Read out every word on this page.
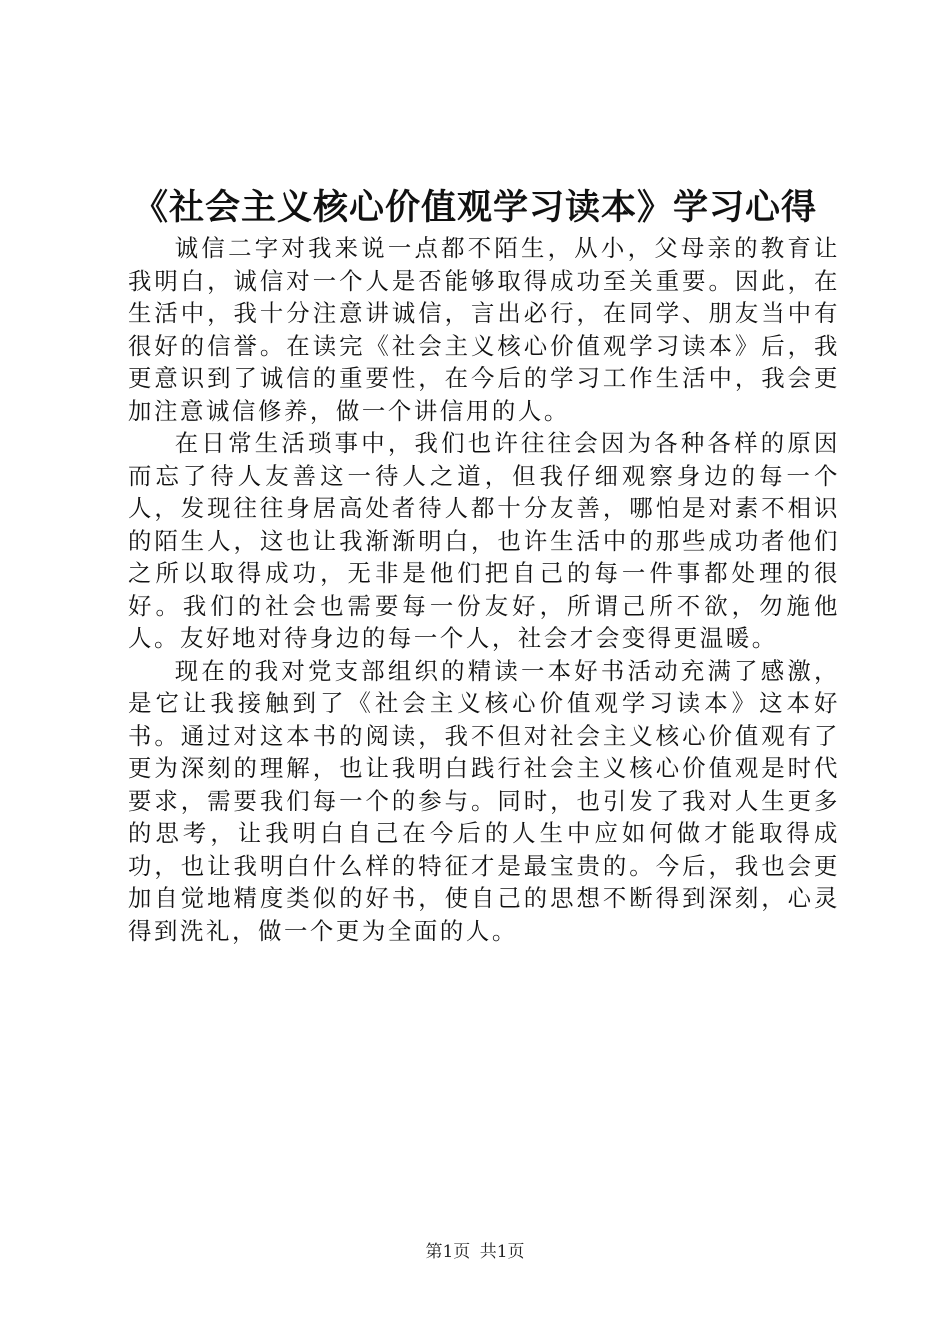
《社会主义核心价值观学习读本》学习心得

诚信二字对我来说一点都不陌生，从小，父母亲的教育让我明白，诚信对一个人是否能够取得成功至关重要。因此，在生活中，我十分注意讲诚信，言出必行，在同学、朋友当中有很好的信誉。在读完《社会主义核心价值观学习读本》后，我更意识到了诚信的重要性，在今后的学习工作生活中，我会更加注意诚信修养，做一个讲信用的人。

在日常生活琐事中，我们也许往往会因为各种各样的原因而忘了待人友善这一待人之道，但我仔细观察身边的每一个人，发现往往身居高处者待人都十分友善，哪怕是对素不相识的陌生人，这也让我渐渐明白，也许生活中的那些成功者他们之所以取得成功，无非是他们把自己的每一件事都处理的很好。我们的社会也需要每一份友好，所谓己所不欲，勿施他人。友好地对待身边的每一个人，社会才会变得更温暖。

现在的我对党支部组织的精读一本好书活动充满了感激，是它让我接触到了《社会主义核心价值观学习读本》这本好书。通过对这本书的阅读，我不但对社会主义核心价值观有了更为深刻的理解，也让我明白践行社会主义核心价值观是时代要求，需要我们每一个的参与。同时，也引发了我对人生更多的思考，让我明白自己在今后的人生中应如何做才能取得成功，也让我明白什么样的特征才是最宝贵的。今后，我也会更加自觉地精度类似的好书，使自己的思想不断得到深刻，心灵得到洗礼，做一个更为全面的人。

第1页 共1页
